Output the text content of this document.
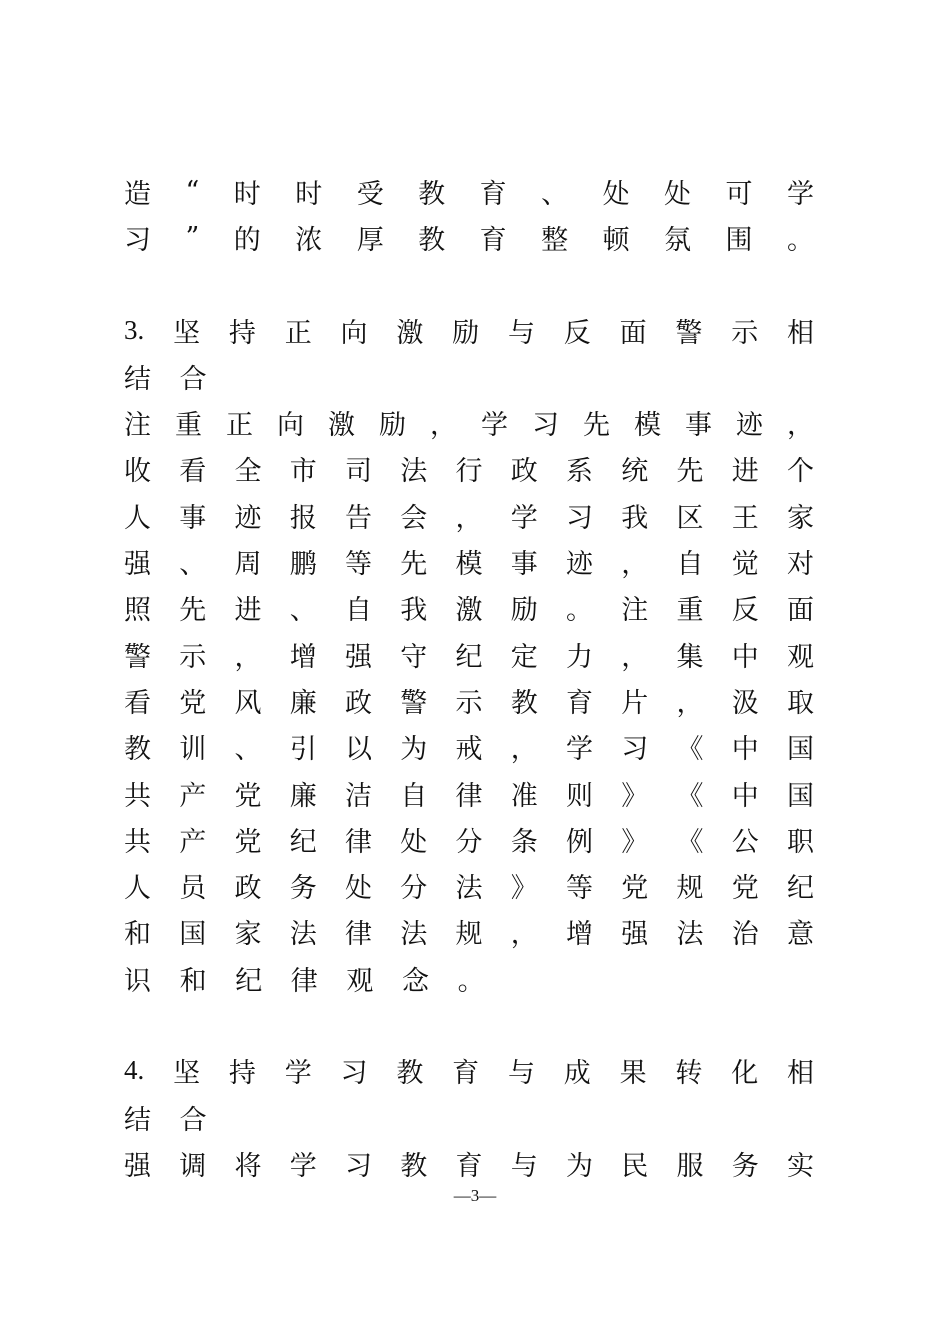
造 “ 时 时 受 教 育 、 处 处 可 学
习 ” 的 浓 厚 教 育 整 顿 氛 围 。
3. 坚 持 正 向 激 励 与 反 面 警 示 相
结 合
注 重 正 向 激 励 ， 学 习 先 模 事 迹 ，
收 看 全 市 司 法 行 政 系 统 先 进 个
人 事 迹 报 告 会 ， 学 习 我 区 王 家
强 、 周 鹏 等 先 模 事 迹 ， 自 觉 对
照 先 进 、 自 我 激 励 。 注 重 反 面
警 示 ， 增 强 守 纪 定 力 ， 集 中 观
看 党 风 廉 政 警 示 教 育 片 ， 汲 取
教 训 、 引 以 为 戒 ， 学 习 《 中 国
共 产 党 廉 洁 自 律 准 则 》 《 中 国
共 产 党 纪 律 处 分 条 例 》 《 公 职
人 员 政 务 处 分 法 》 等 党 规 党 纪
和 国 家 法 律 法 规 ， 增 强 法 治 意
识 和 纪 律 观 念 。
4. 坚 持 学 习 教 育 与 成 果 转 化 相
结 合
强 调 将 学 习 教 育 与 为 民 服 务 实
—3—
